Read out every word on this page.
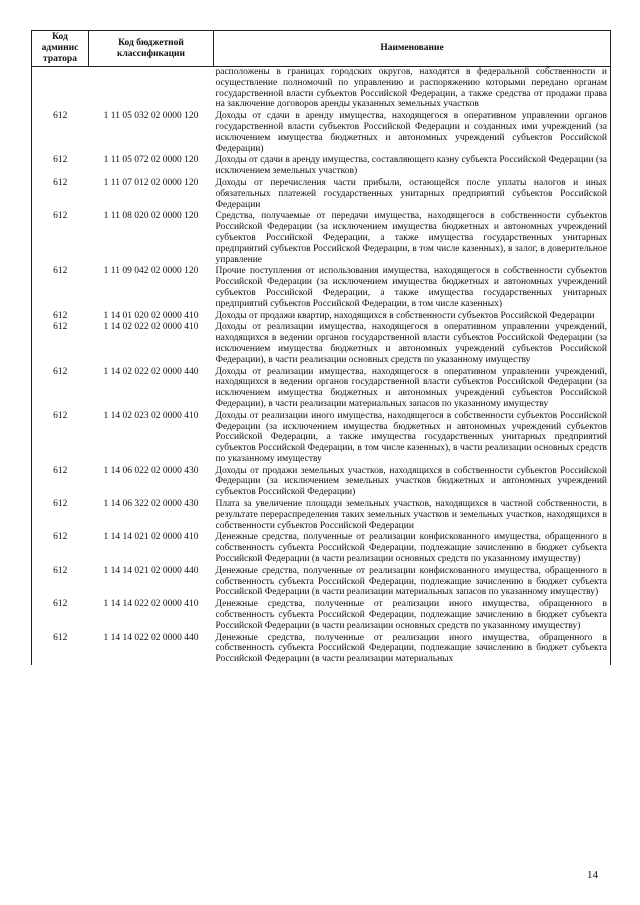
Код админис тратора	Код бюджетной классификации	Наименование
		расположены в границах городских округов, находятся в федеральной собственности и осуществление полномочий по управлению и распоряжению которыми передано органам государственной власти субъектов Российской Федерации, а также средства от продажи права на заключение договоров аренды указанных земельных участков
612	1 11 05 032 02 0000 120	Доходы от сдачи в аренду имущества, находящегося в оперативном управлении органов государственной власти субъектов Российской Федерации и созданных ими учреждений (за исключением имущества бюджетных и автономных учреждений субъектов Российской Федерации)
612	1 11 05 072 02 0000 120	Доходы от сдачи в аренду имущества, составляющего казну субъекта Российской Федерации (за исключением земельных участков)
612	1 11 07 012 02 0000 120	Доходы от перечисления части прибыли, остающейся после уплаты налогов и иных обязательных платежей государственных унитарных предприятий субъектов Российской Федерации
612	1 11 08 020 02 0000 120	Средства, получаемые от передачи имущества, находящегося в собственности субъектов Российской Федерации (за исключением имущества бюджетных и автономных учреждений субъектов Российской Федерации, а также имущества государственных унитарных предприятий субъектов Российской Федерации, в том числе казенных), в залог, в доверительное управление
612	1 11 09 042 02 0000 120	Прочие поступления от использования имущества, находящегося в собственности субъектов Российской Федерации (за исключением имущества бюджетных и автономных учреждений субъектов Российской Федерации, а также имущества государственных унитарных предприятий субъектов Российской Федерации, в том числе казенных)
612	1 14 01 020 02 0000 410	Доходы от продажи квартир, находящихся в собственности субъектов Российской Федерации
612	1 14 02 022 02 0000 410	Доходы от реализации имущества, находящегося в оперативном управлении учреждений, находящихся в ведении органов государственной власти субъектов Российской Федерации (за исключением имущества бюджетных и автономных учреждений субъектов Российской Федерации), в части реализации основных средств по указанному имуществу
612	1 14 02 022 02 0000 440	Доходы от реализации имущества, находящегося в оперативном управлении учреждений, находящихся в ведении органов государственной власти субъектов Российской Федерации (за исключением имущества бюджетных и автономных учреждений субъектов Российской Федерации), в части реализации материальных запасов по указанному имуществу
612	1 14 02 023 02 0000 410	Доходы от реализации иного имущества, находящегося в собственности субъектов Российской Федерации (за исключением имущества бюджетных и автономных учреждений субъектов Российской Федерации, а также имущества государственных унитарных предприятий субъектов Российской Федерации, в том числе казенных), в части реализации основных средств по указанному имуществу
612	1 14 06 022 02 0000 430	Доходы от продажи земельных участков, находящихся в собственности субъектов Российской Федерации (за исключением земельных участков бюджетных и автономных учреждений субъектов Российской Федерации)
612	1 14 06 322 02 0000 430	Плата за увеличение площади земельных участков, находящихся в частной собственности, в результате перераспределения таких земельных участков и земельных участков, находящихся в собственности субъектов Российской Федерации
612	1 14 14 021 02 0000 410	Денежные средства, полученные от реализации конфискованного имущества, обращенного в собственность субъекта Российской Федерации, подлежащие зачислению в бюджет субъекта Российской Федерации (в части реализации основных средств по указанному имуществу)
612	1 14 14 021 02 0000 440	Денежные средства, полученные от реализации конфискованного имущества, обращенного в собственность субъекта Российской Федерации, подлежащие зачислению в бюджет субъекта Российской Федерации (в части реализации материальных запасов по указанному имуществу)
612	1 14 14 022 02 0000 410	Денежные средства, полученные от реализации иного имущества, обращенного в собственность субъекта Российской Федерации, подлежащие зачислению в бюджет субъекта Российской Федерации (в части реализации основных средств по указанному имуществу)
612	1 14 14 022 02 0000 440	Денежные средства, полученные от реализации иного имущества, обращенного в собственность субъекта Российской Федерации, подлежащие зачислению в бюджет субъекта Российской Федерации (в части реализации материальных
14
